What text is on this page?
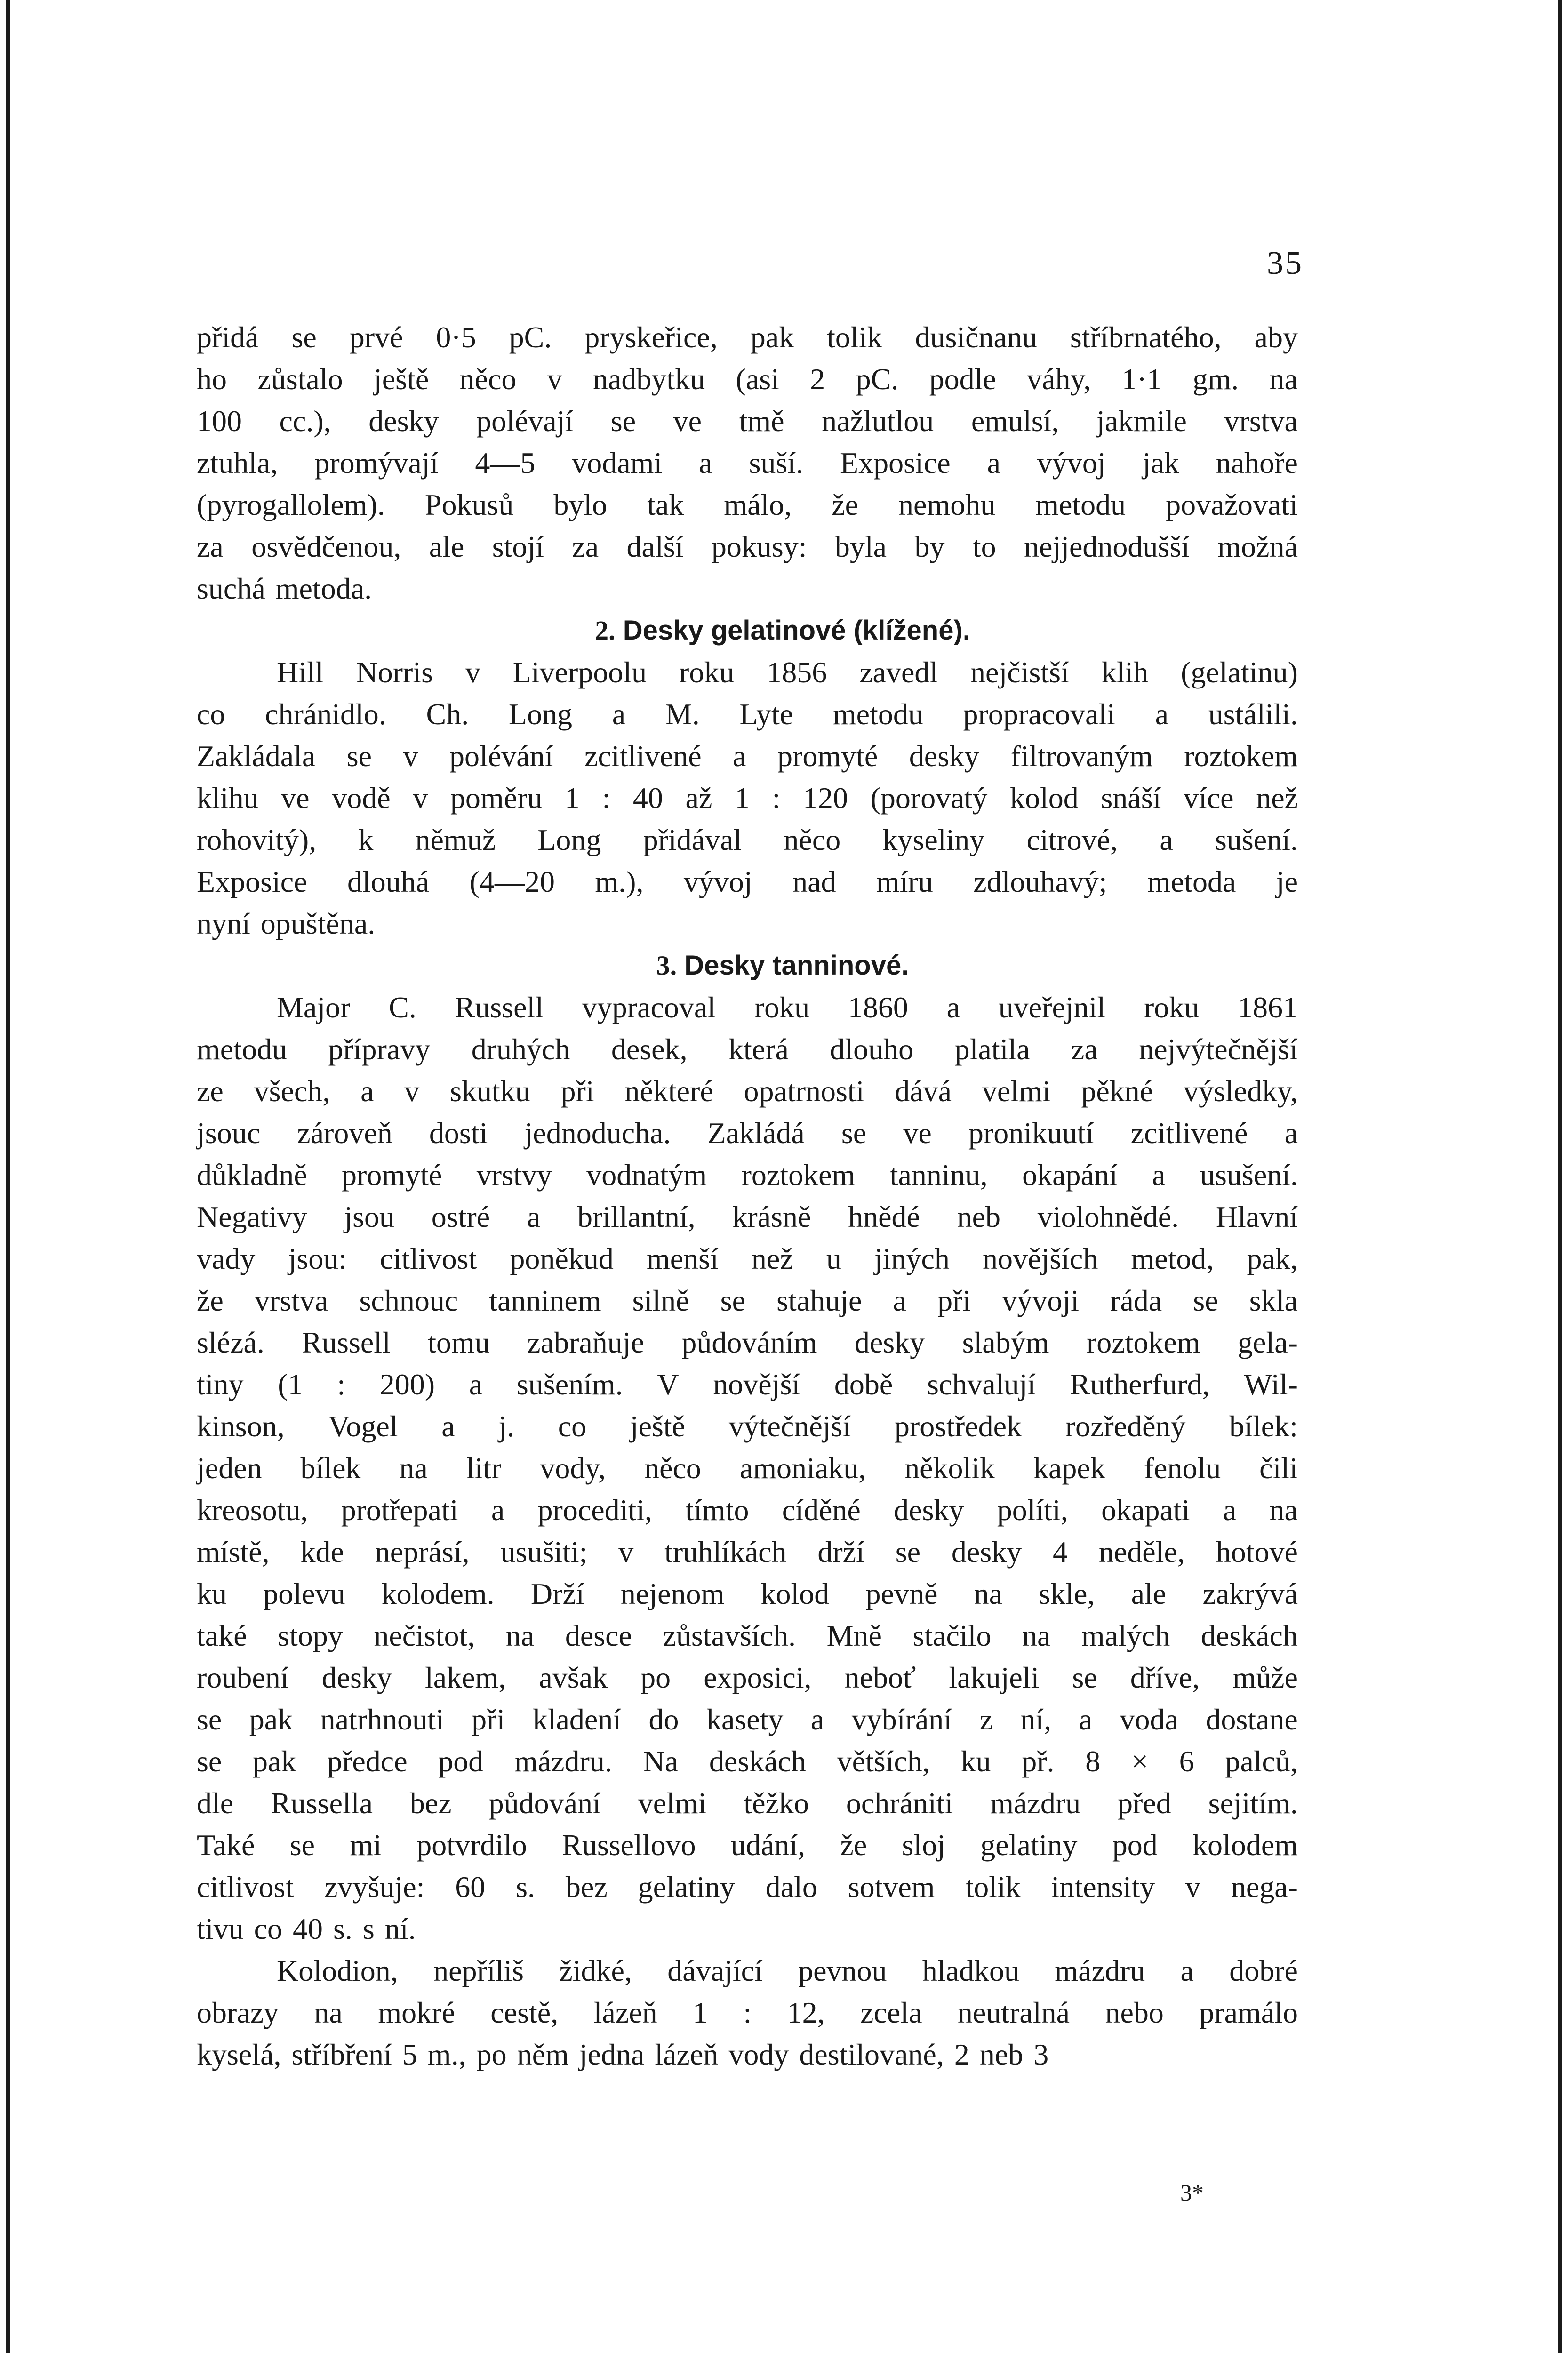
35
přidá se prvé 0·5 pC. pryskeřice, pak tolik dusičnanu stříbrnatého, aby
ho zůstalo ještě něco v nadbytku (asi 2 pC. podle váhy, 1·1 gm. na
100 cc.), desky polévají se ve tmě nažlutlou emulsí, jakmile vrstva
ztuhla, promývají 4—5 vodami a suší. Exposice a vývoj jak nahoře
(pyrogallolem). Pokusů bylo tak málo, že nemohu metodu považovati
za osvědčenou, ale stojí za další pokusy: byla by to nejjednodušší možná
suchá metoda.
2. Desky gelatinové (klížené).
Hill Norris v Liverpoolu roku 1856 zavedl nejčistší klih (gelatinu)
co chránidlo. Ch. Long a M. Lyte metodu propracovali a ustálili.
Zakládala se v polévání zcitlivené a promyté desky filtrovaným roztokem
klihu ve vodě v poměru 1 : 40 až 1 : 120 (porovatý kolod snáší více než
rohovitý), k němuž Long přidával něco kyseliny citrové, a sušení.
Exposice dlouhá (4—20 m.), vývoj nad míru zdlouhavý; metoda je
nyní opuštěna.
3. Desky tanninové.
Major C. Russell vypracoval roku 1860 a uveřejnil roku 1861
metodu přípravy druhých desek, která dlouho platila za nejvýtečnější
ze všech, a v skutku při některé opatrnosti dává velmi pěkné výsledky,
jsouc zároveň dosti jednoducha. Zakládá se ve pronikuutí zcitlivené a
důkladně promyté vrstvy vodnatým roztokem tanninu, okapání a usušení.
Negativy jsou ostré a brillantní, krásně hnědé neb violohnědé. Hlavní
vady jsou: citlivost poněkud menší než u jiných novějších metod, pak,
že vrstva schnouc tanninem silně se stahuje a při vývoji ráda se skla
slézá. Russell tomu zabraňuje půdováním desky slabým roztokem gela-
tiny (1 : 200) a sušením. V novější době schvalují Rutherfurd, Wil-
kinson, Vogel a j. co ještě výtečnější prostředek rozředěný bílek:
jeden bílek na litr vody, něco amoniaku, několik kapek fenolu čili
kreosotu, protřepati a procediti, tímto cíděné desky políti, okapati a na
místě, kde neprásí, usušiti; v truhlíkách drží se desky 4 neděle, hotové
ku polevu kolodem. Drží nejenom kolod pevně na skle, ale zakrývá
také stopy nečistot, na desce zůstavších. Mně stačilo na malých deskách
roubení desky lakem, avšak po exposici, neboť lakujeli se dříve, může
se pak natrhnouti při kladení do kasety a vybírání z ní, a voda dostane
se pak předce pod mázdru. Na deskách větších, ku př. 8 × 6 palců,
dle Russella bez půdování velmi těžko ochrániti mázdru před sejitím.
Také se mi potvrdilo Russellovo udání, že sloj gelatiny pod kolodem
citlivost zvyšuje: 60 s. bez gelatiny dalo sotvem tolik intensity v nega-
tivu co 40 s. s ní.
Kolodion, nepříliš židké, dávající pevnou hladkou mázdru a dobré
obrazy na mokré cestě, lázeň 1 : 12, zcela neutralná nebo pramálo
kyselá, stříbření 5 m., po něm jedna lázeň vody destilované, 2 neb 3
3*
